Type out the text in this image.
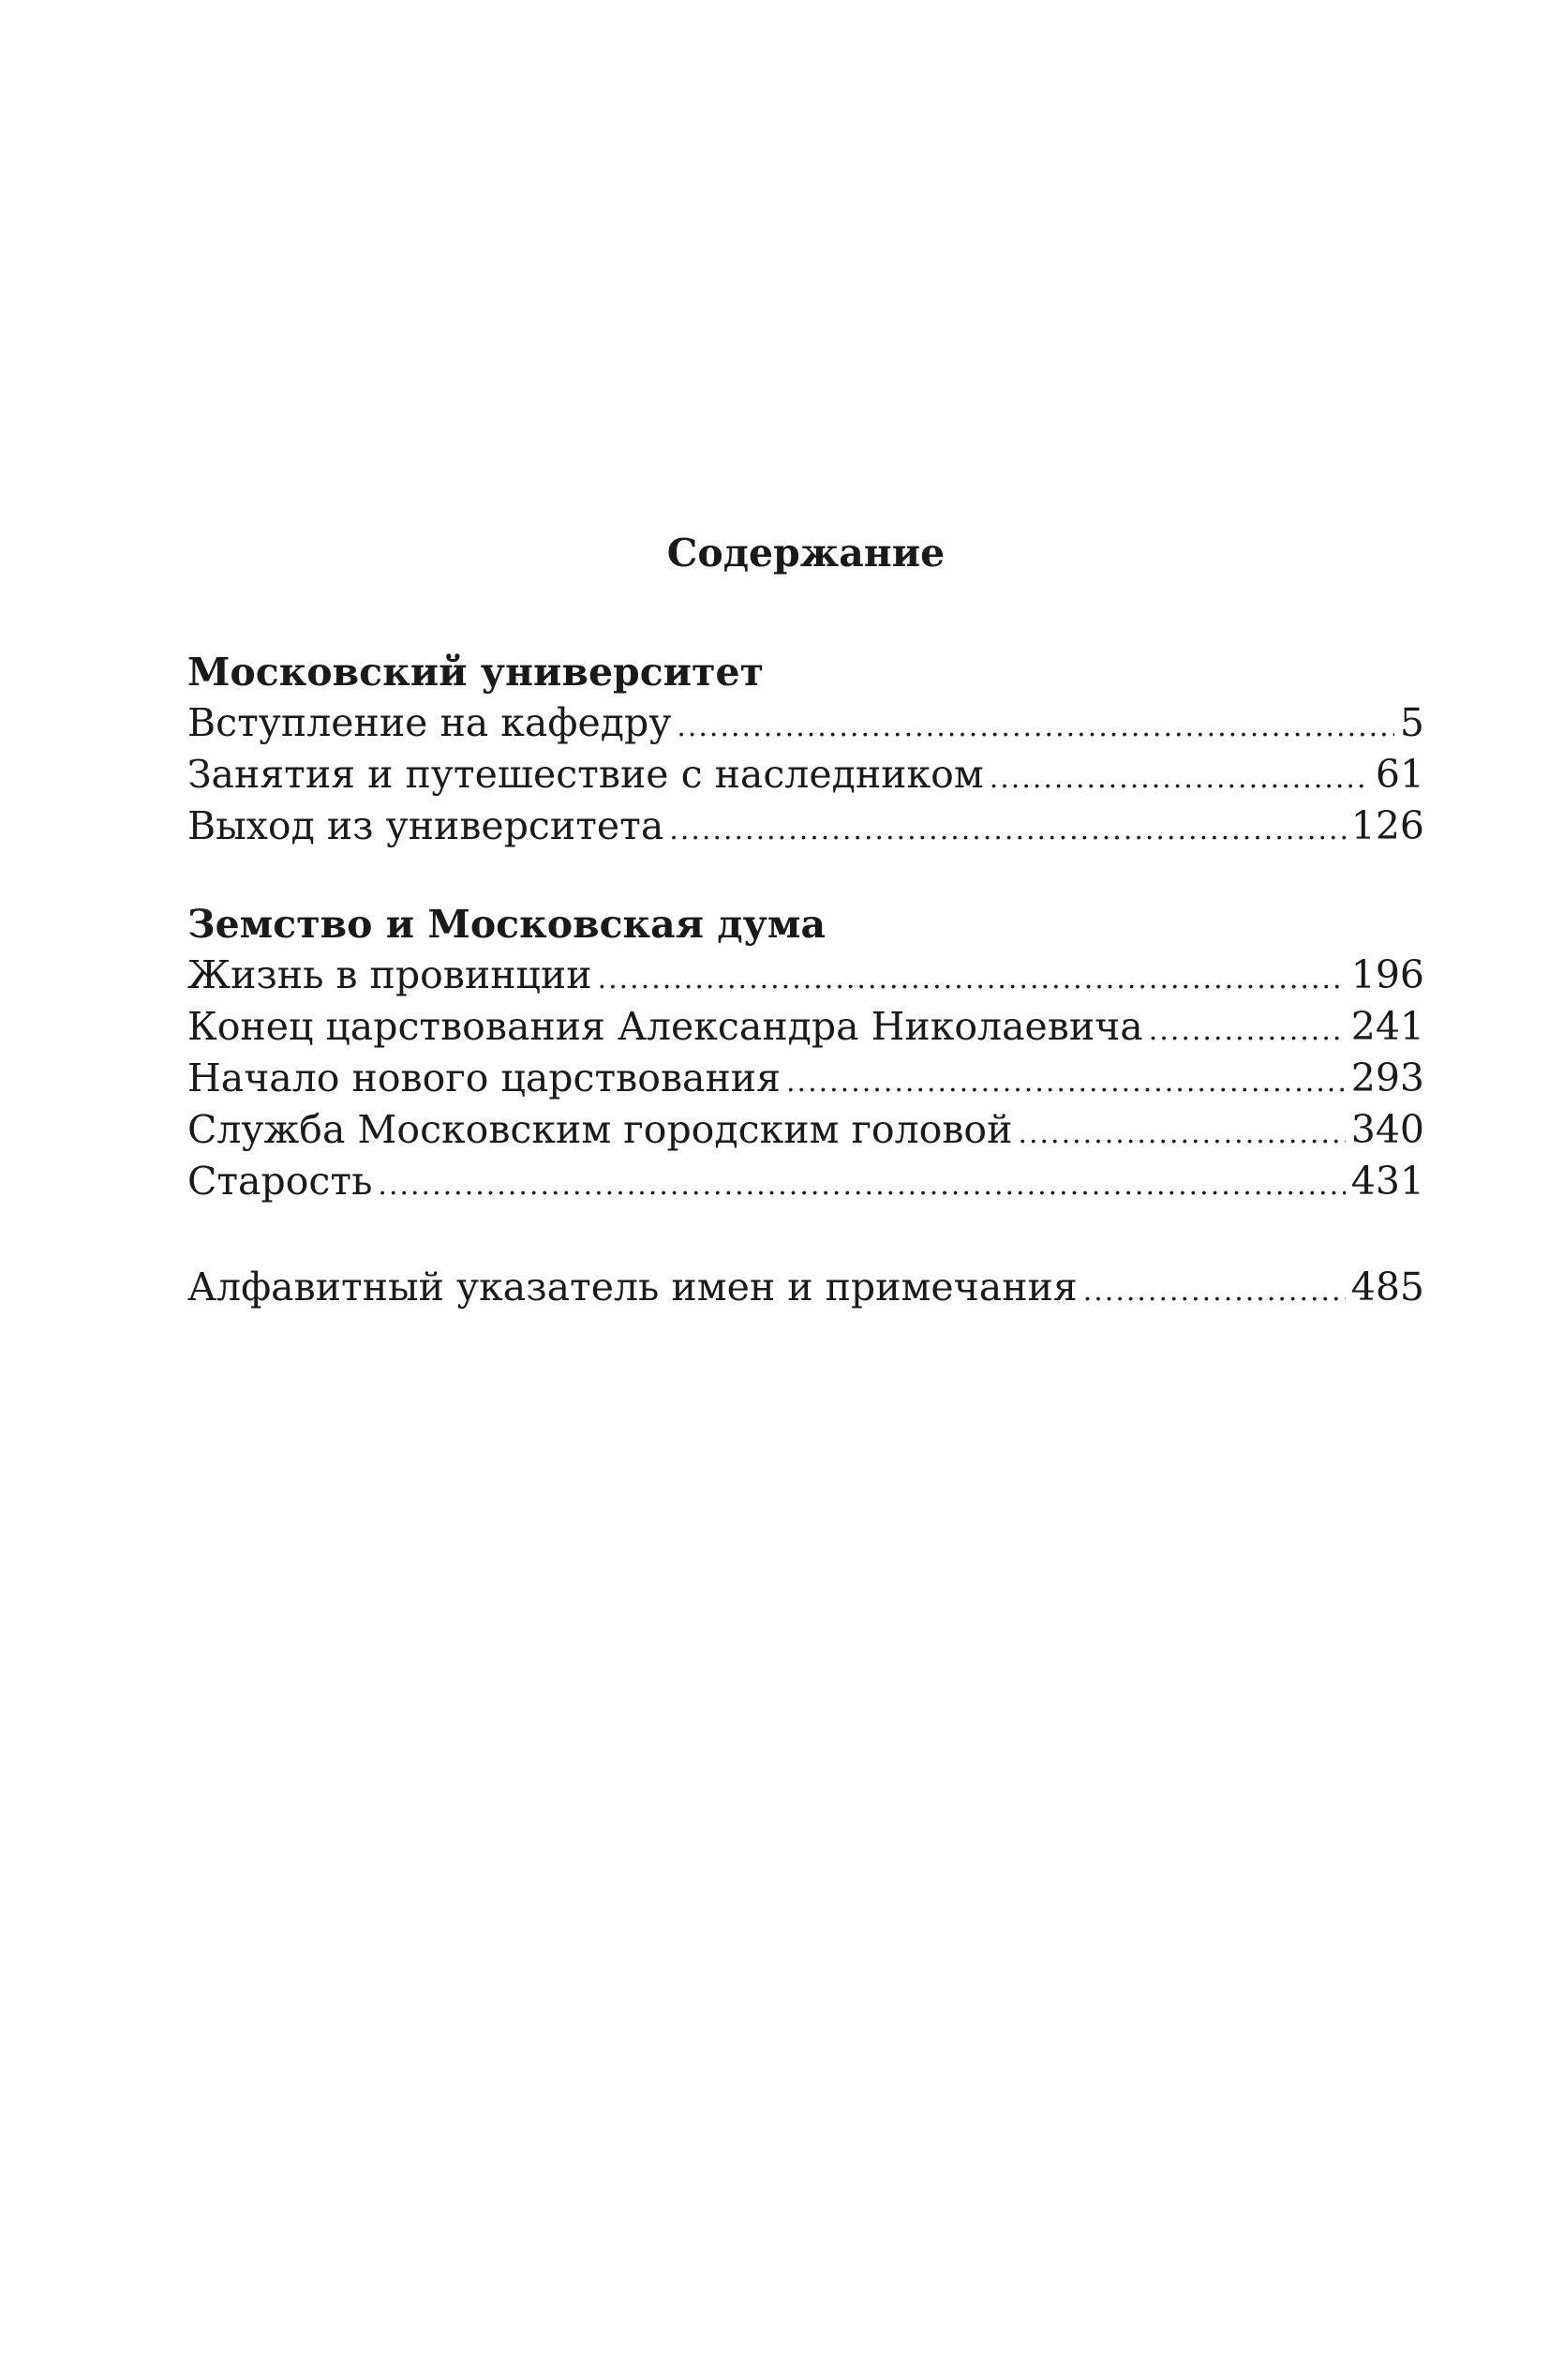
Содержание
Московский университет
Вступление на кафедру .....	5
Занятия и путешествие с наследником .....	61
Выход из университета .....	126
Земство и Московская дума
Жизнь в провинции .....	196
Конец царствования Александра Николаевича .....	241
Начало нового царствования .....	293
Служба Московским городским головой .....	340
Старость .....	431
Алфавитный указатель имен и примечания .....	485
